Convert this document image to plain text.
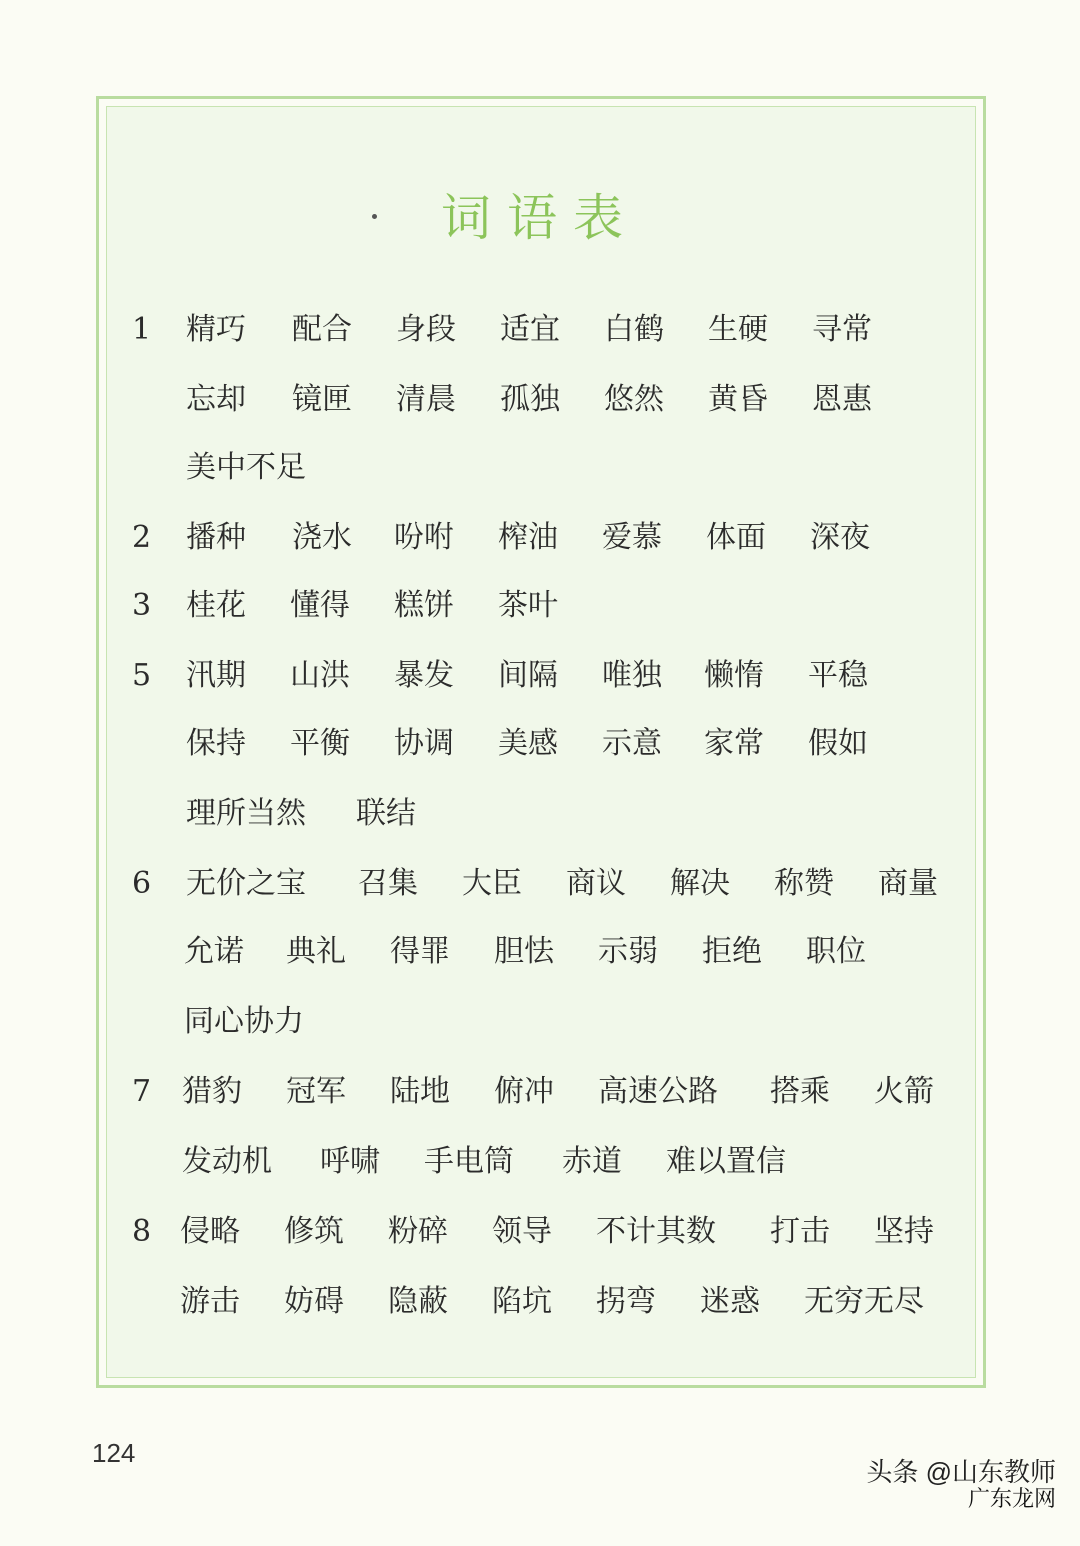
词语表
1 精巧 配合 身段 适宜 白鹤 生硬 寻常
忘却 镜匣 清晨 孤独 悠然 黄昏 恩惠
美中不足
2 播种 浇水 吩咐 榨油 爱慕 体面 深夜
3 桂花 懂得 糕饼 茶叶
5 汛期 山洪 暴发 间隔 唯独 懒惰 平稳
保持 平衡 协调 美感 示意 家常 假如
理所当然 联结
6 无价之宝 召集 大臣 商议 解决 称赞 商量
允诺 典礼 得罪 胆怯 示弱 拒绝 职位
同心协力
7 猎豹 冠军 陆地 俯冲 高速公路 搭乘 火箭
发动机 呼啸 手电筒 赤道 难以置信
8 侵略 修筑 粉碎 领导 不计其数 打击 坚持
游击 妨碍 隐蔽 陷坑 拐弯 迷惑 无穷无尽
124
头条 @山东教师
广东龙网
